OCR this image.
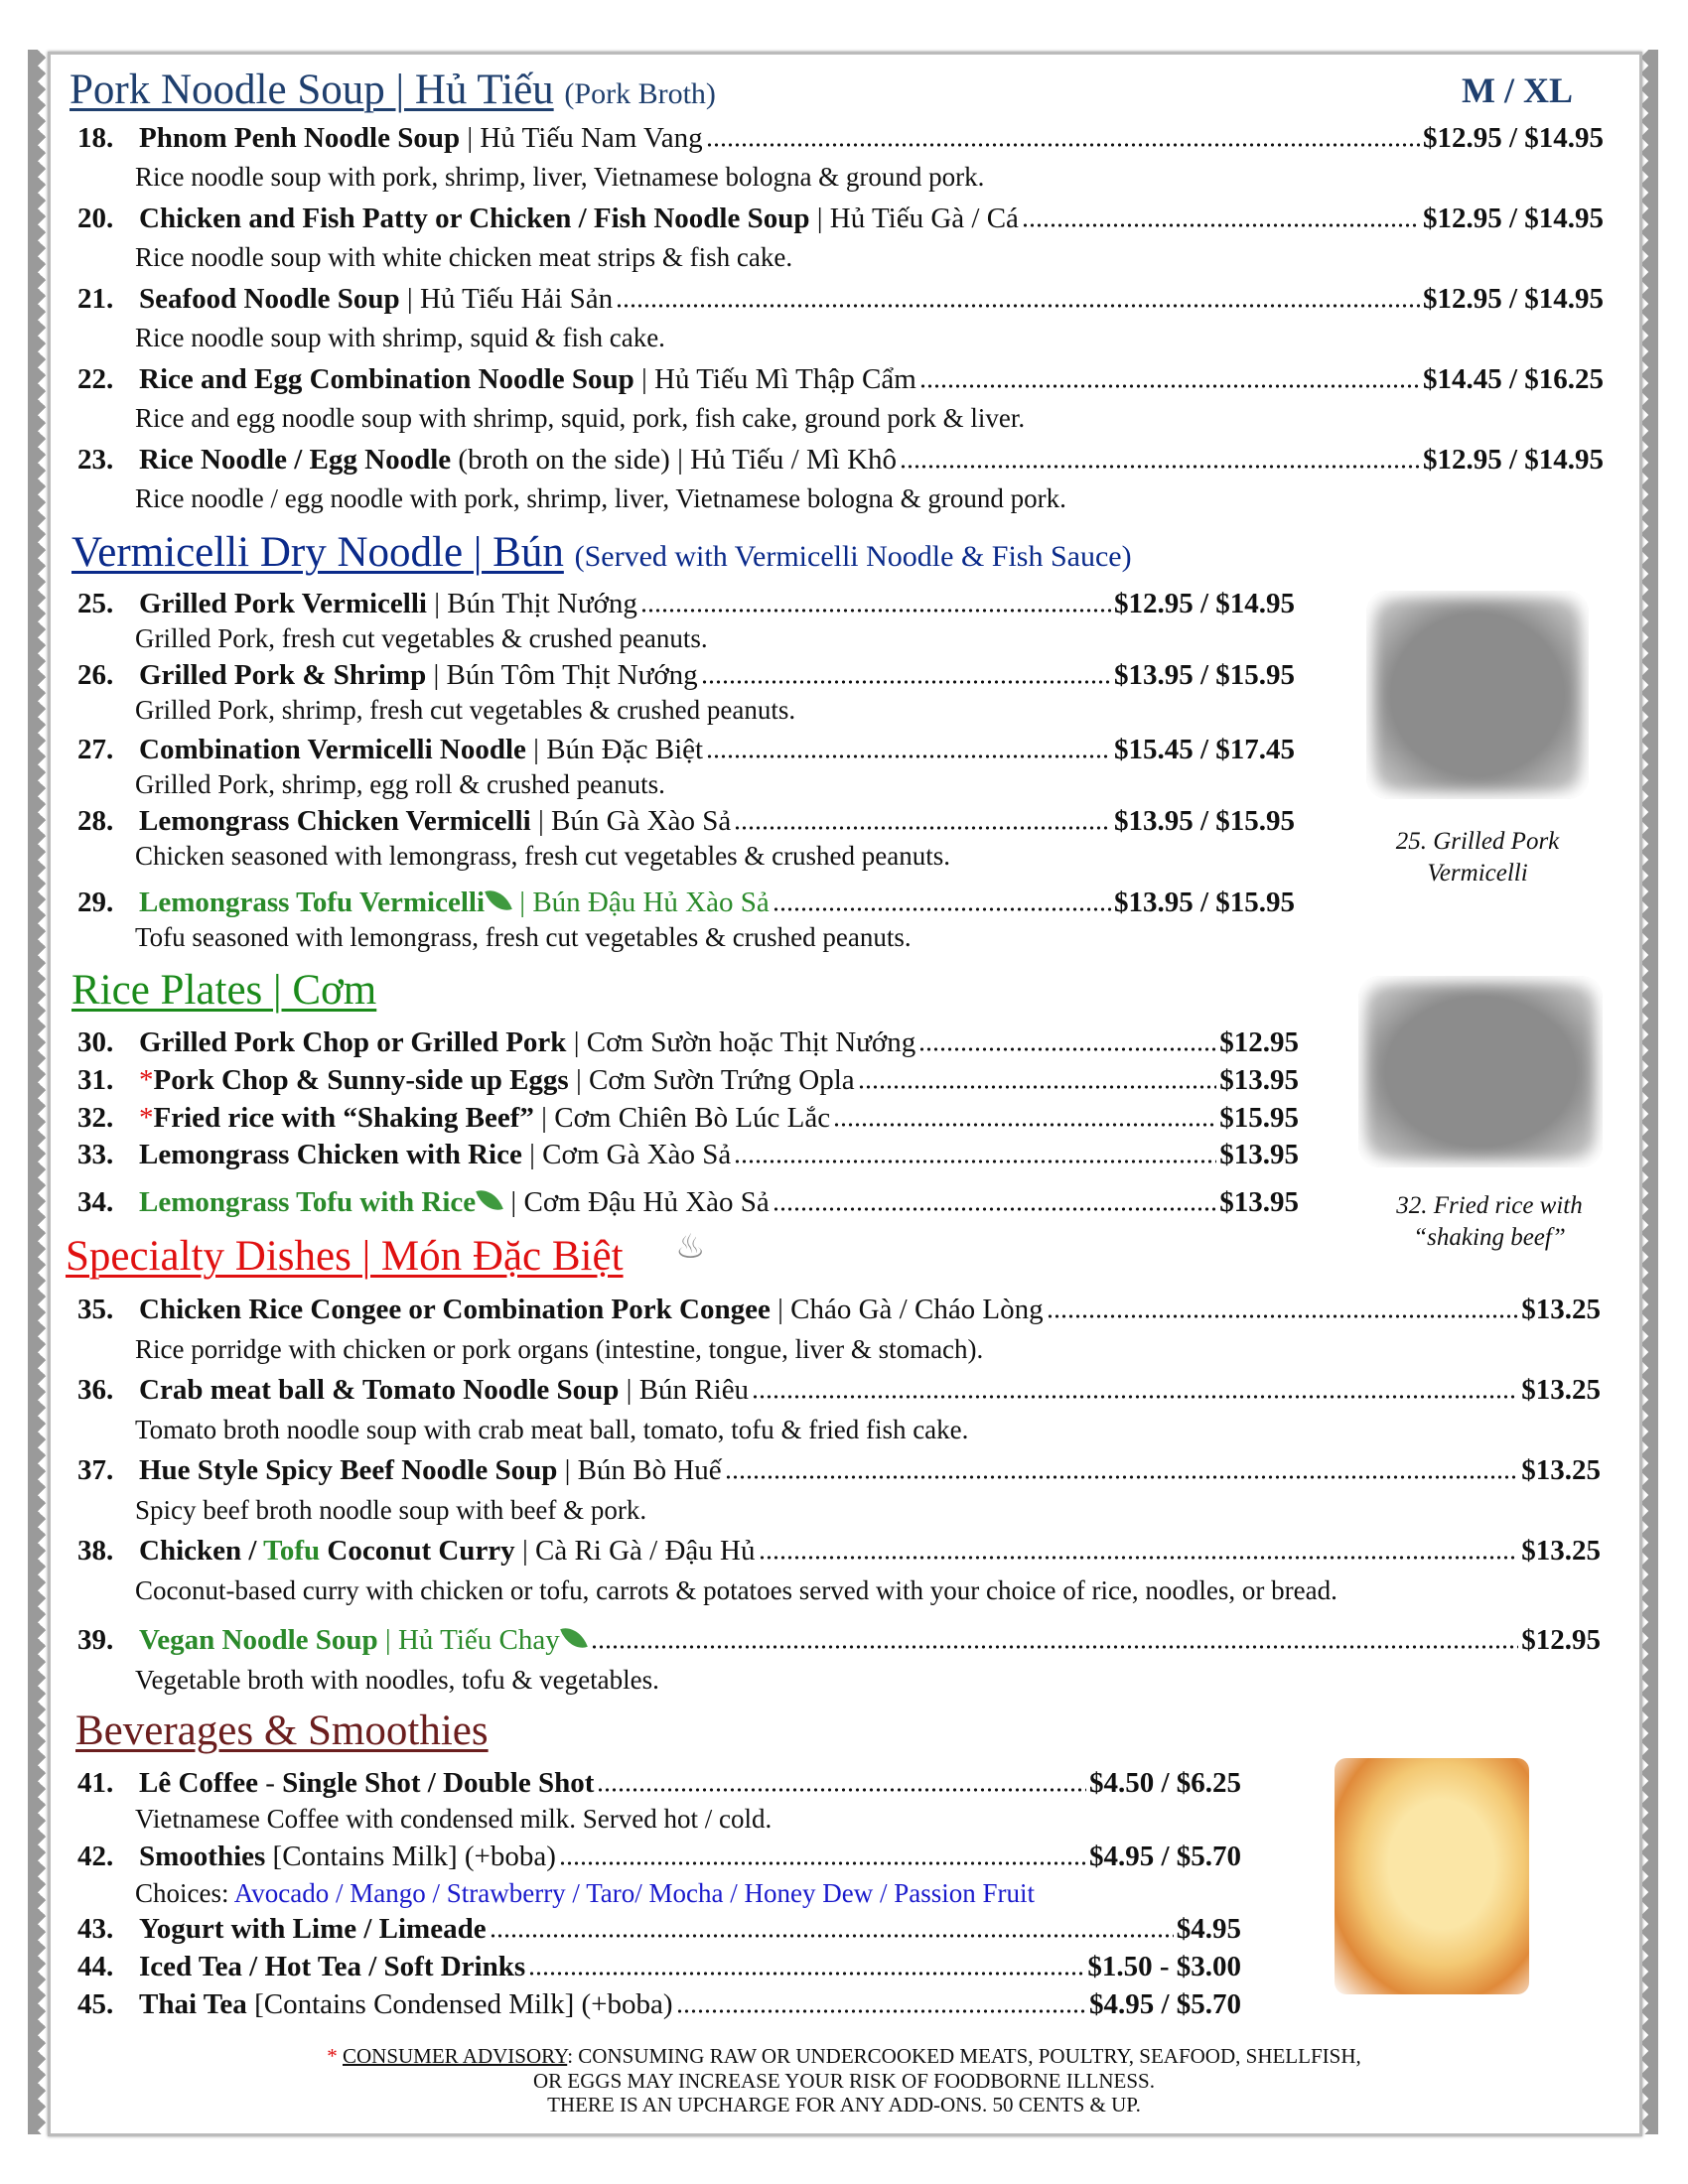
Pork Noodle Soup | Hủ Tiếu (Pork Broth)
18. Phnom Penh Noodle Soup | Hủ Tiếu Nam Vang	$12.95 / $14.95
Rice noodle soup with pork, shrimp, liver, Vietnamese bologna & ground pork.
20. Chicken and Fish Patty or Chicken / Fish Noodle Soup | Hủ Tiếu Gà / Cá	$12.95 / $14.95
Rice noodle soup with white chicken meat strips & fish cake.
21. Seafood Noodle Soup | Hủ Tiếu Hải Sản	$12.95 / $14.95
Rice noodle soup with shrimp, squid & fish cake.
22. Rice and Egg Combination Noodle Soup | Hủ Tiếu Mì Thập Cẩm	$14.45 / $16.25
Rice and egg noodle soup with shrimp, squid, pork, fish cake, ground pork & liver.
23. Rice Noodle / Egg Noodle (broth on the side) | Hủ Tiếu / Mì Khô	$12.95 / $14.95
Rice noodle / egg noodle with pork, shrimp, liver, Vietnamese bologna & ground pork.
Vermicelli Dry Noodle | Bún (Served with Vermicelli Noodle & Fish Sauce)
25. Grilled Pork Vermicelli | Bún Thịt Nướng	$12.95 / $14.95
Grilled Pork, fresh cut vegetables & crushed peanuts.
26. Grilled Pork & Shrimp | Bún Tôm Thịt Nướng	$13.95 / $15.95
Grilled Pork, shrimp, fresh cut vegetables & crushed peanuts.
27. Combination Vermicelli Noodle | Bún Đặc Biệt	$15.45 / $17.45
Grilled Pork, shrimp, egg roll & crushed peanuts.
28. Lemongrass Chicken Vermicelli | Bún Gà Xào Sả	$13.95 / $15.95
Chicken seasoned with lemongrass, fresh cut vegetables & crushed peanuts.
29. Lemongrass Tofu Vermicelli | Bún Đậu Hủ Xào Sả	$13.95 / $15.95
Tofu seasoned with lemongrass, fresh cut vegetables & crushed peanuts.
Rice Plates | Cơm
30. Grilled Pork Chop or Grilled Pork | Cơm Sườn hoặc Thịt Nướng	$12.95
31. *Pork Chop & Sunny-side up Eggs | Cơm Sườn Trứng Opla	$13.95
32. *Fried rice with “Shaking Beef” | Cơm Chiên Bò Lúc Lắc	$15.95
33. Lemongrass Chicken with Rice | Cơm Gà Xào Sả	$13.95
34. Lemongrass Tofu with Rice | Cơm Đậu Hủ Xào Sả	$13.95
Specialty Dishes | Món Đặc Biệt
35. Chicken Rice Congee or Combination Pork Congee | Cháo Gà / Cháo Lòng	$13.25
Rice porridge with chicken or pork organs (intestine, tongue, liver & stomach).
36. Crab meat ball & Tomato Noodle Soup | Bún Riêu	$13.25
Tomato broth noodle soup with crab meat ball, tomato, tofu & fried fish cake.
37. Hue Style Spicy Beef Noodle Soup | Bún Bò Huế	$13.25
Spicy beef broth noodle soup with beef & pork.
38. Chicken / Tofu Coconut Curry | Cà Ri Gà / Đậu Hủ	$13.25
Coconut-based curry with chicken or tofu, carrots & potatoes served with your choice of rice, noodles, or bread.
39. Vegan Noodle Soup | Hủ Tiếu Chay	$12.95
Vegetable broth with noodles, tofu & vegetables.
Beverages & Smoothies
41. Lê Coffee - Single Shot / Double Shot	$4.50 / $6.25
Vietnamese Coffee with condensed milk. Served hot / cold.
42. Smoothies [Contains Milk] (+boba)	$4.95 / $5.70
43. Yogurt with Lime / Limeade	$4.95
44. Iced Tea / Hot Tea / Soft Drinks	$1.50 - $3.00
45. Thai Tea [Contains Condensed Milk] (+boba)	$4.95 / $5.70
M / XL
25. Grilled Pork Vermicelli
32. Fried rice with “shaking beef”
♨
Choices: Avocado / Mango / Strawberry / Taro/ Mocha / Honey Dew / Passion Fruit
* CONSUMER ADVISORY: CONSUMING RAW OR UNDERCOOKED MEATS, POULTRY, SEAFOOD, SHELLFISH,
OR EGGS MAY INCREASE YOUR RISK OF FOODBORNE ILLNESS.
THERE IS AN UPCHARGE FOR ANY ADD-ONS. 50 CENTS & UP.
